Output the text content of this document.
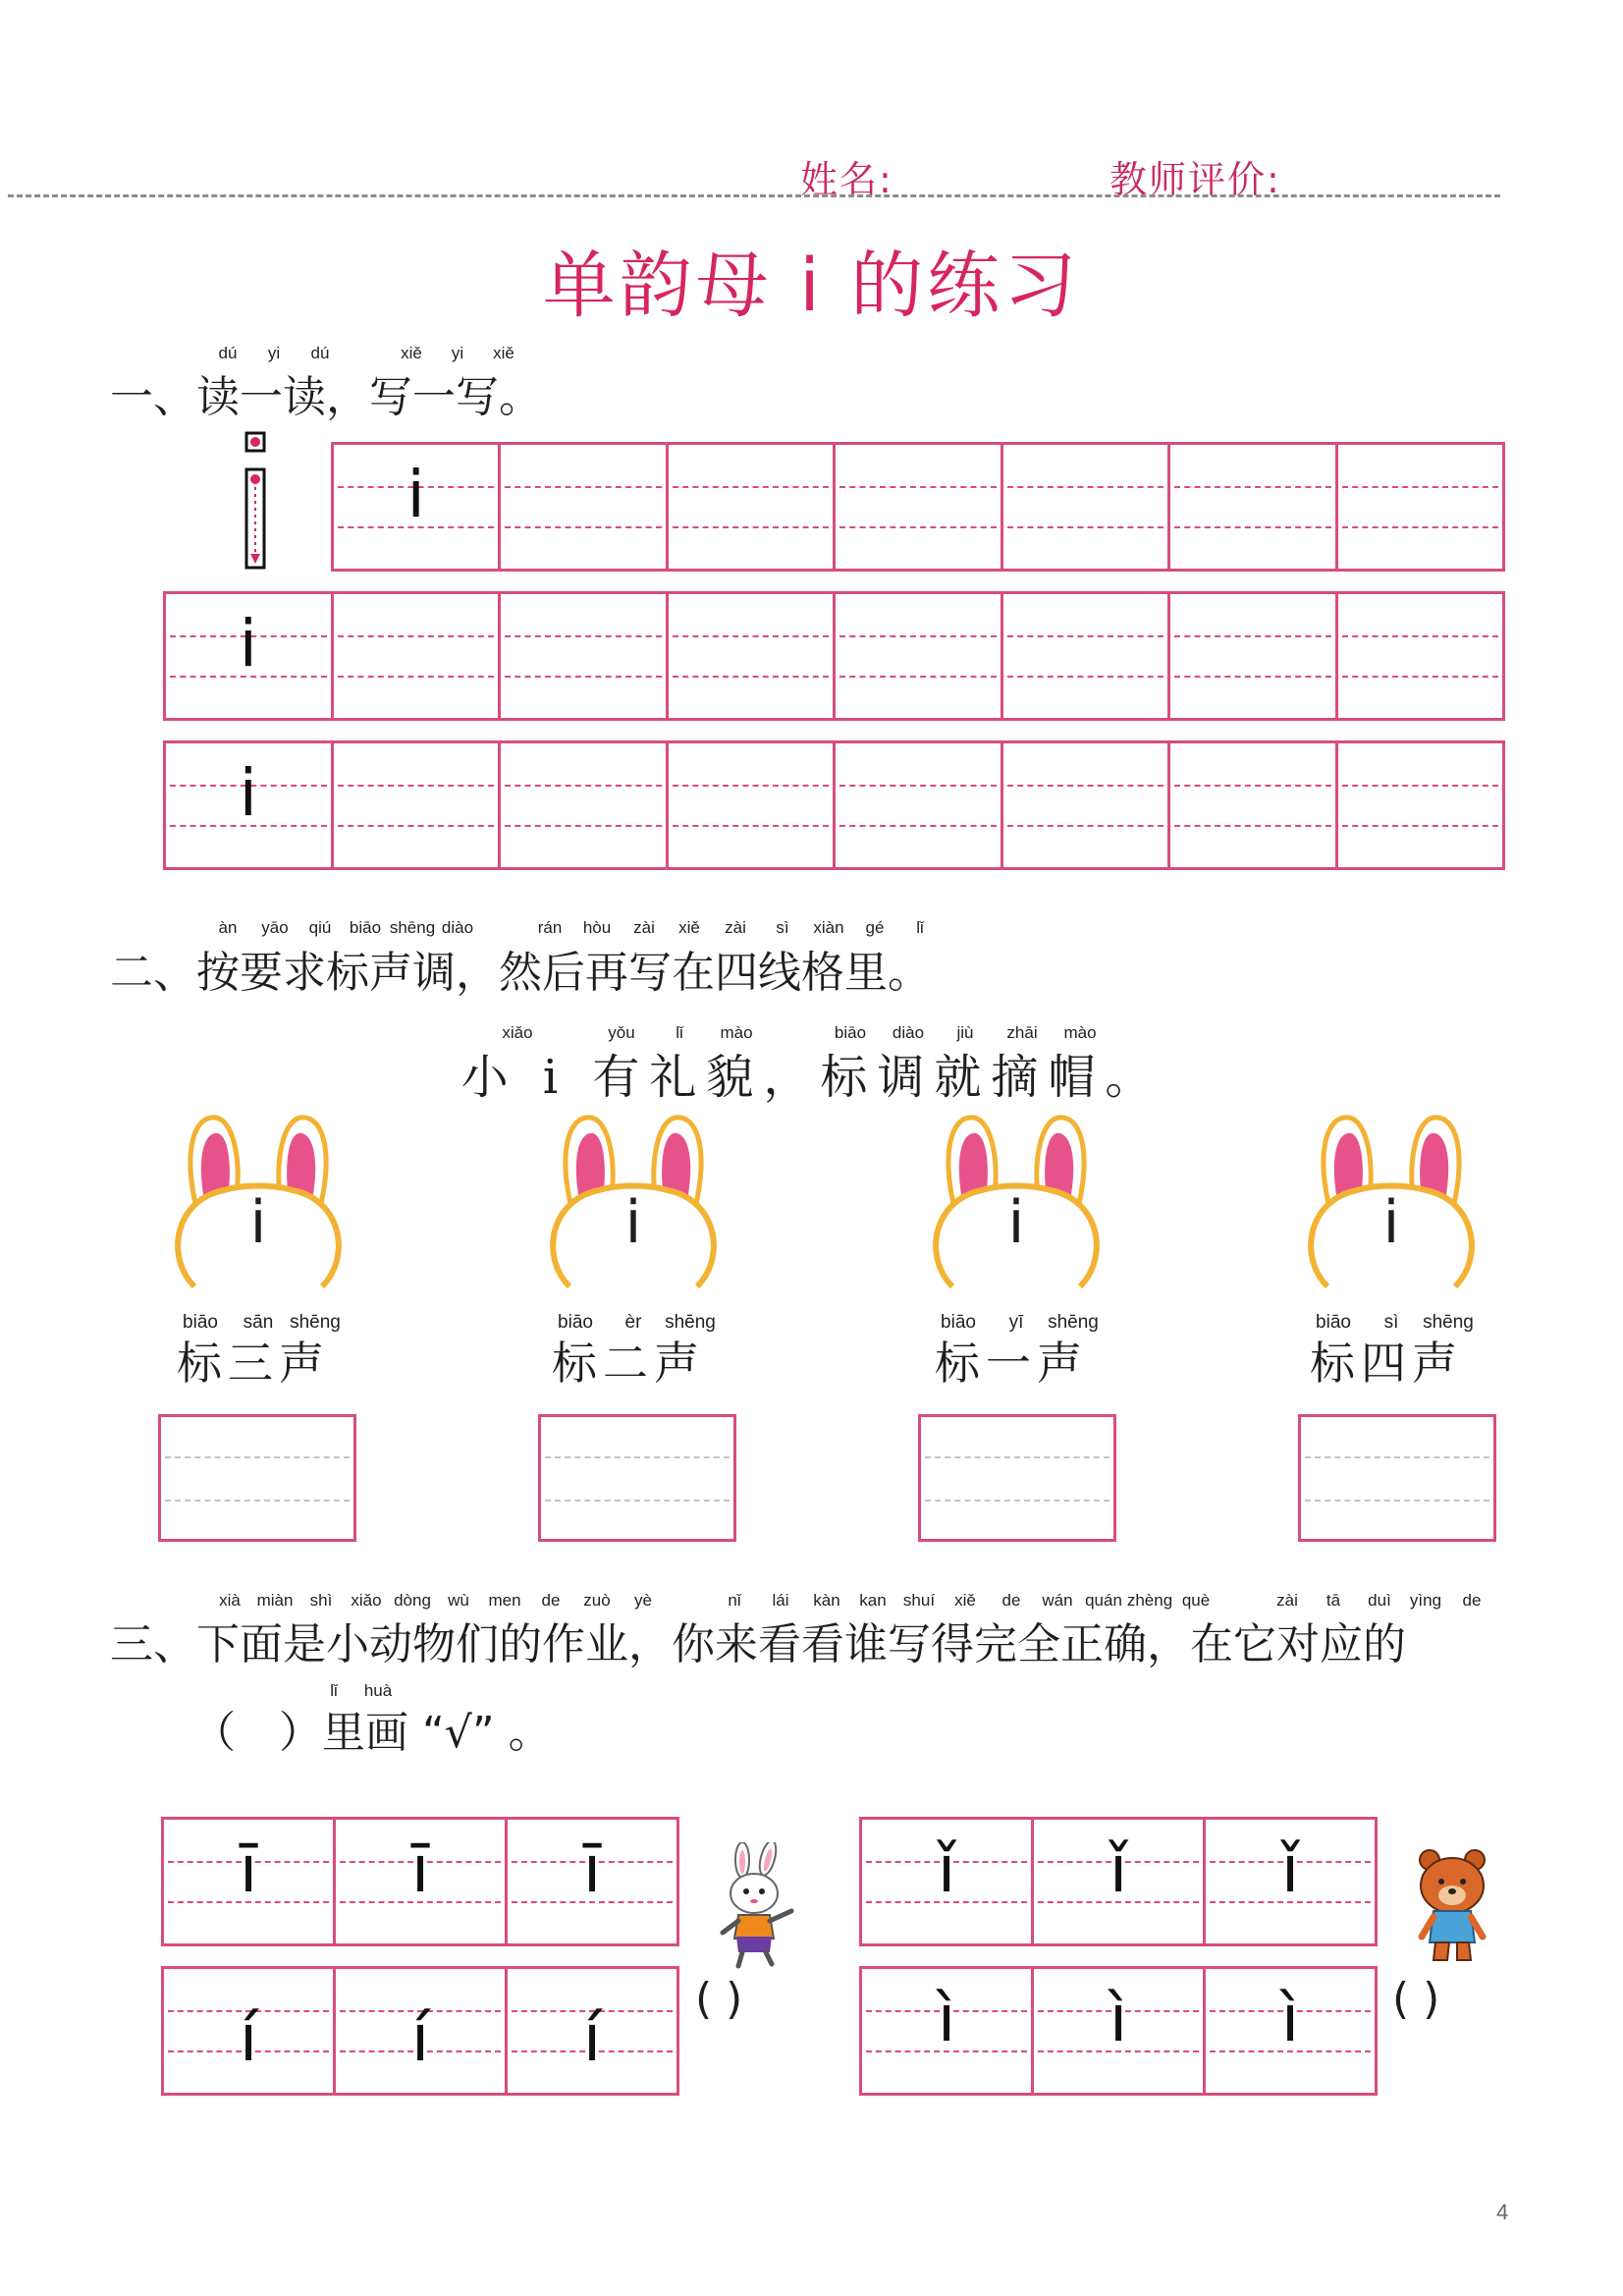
姓名:	教师评价:
单韵母 i 的练习
dú yi dú	xiě yi xiě
一、读一读，写一写。
i
i
i
àn yāo qiú biāo shēng diào	rán hòu zài xiě zài sì xiàn gé lǐ
二、按要求标声调，然后再写在四线格里。
xiǎo	yǒu lǐ mào	biāo diào jiù zhāi mào
小 i 有礼貌，标调就摘帽。
i	i	i	i
biāo sān shēng	biāo èr shēng	biāo yī shēng	biāo sì shēng
标三声	标二声	标一声	标四声
xià miàn shì xiǎo dòng wù men de zuò yè	nǐ lái kàn kan shuí xiě de wán quán zhèng què	zài tā duì yìng de
三、下面是小动物们的作业，你来看看谁写得完全正确，在它对应的
lǐ huà
（　）里画 “√” 。
ī	ī	ī
í	í	í
( )
ǐ	ǐ	ǐ
ì	ì	ì	( )
4
